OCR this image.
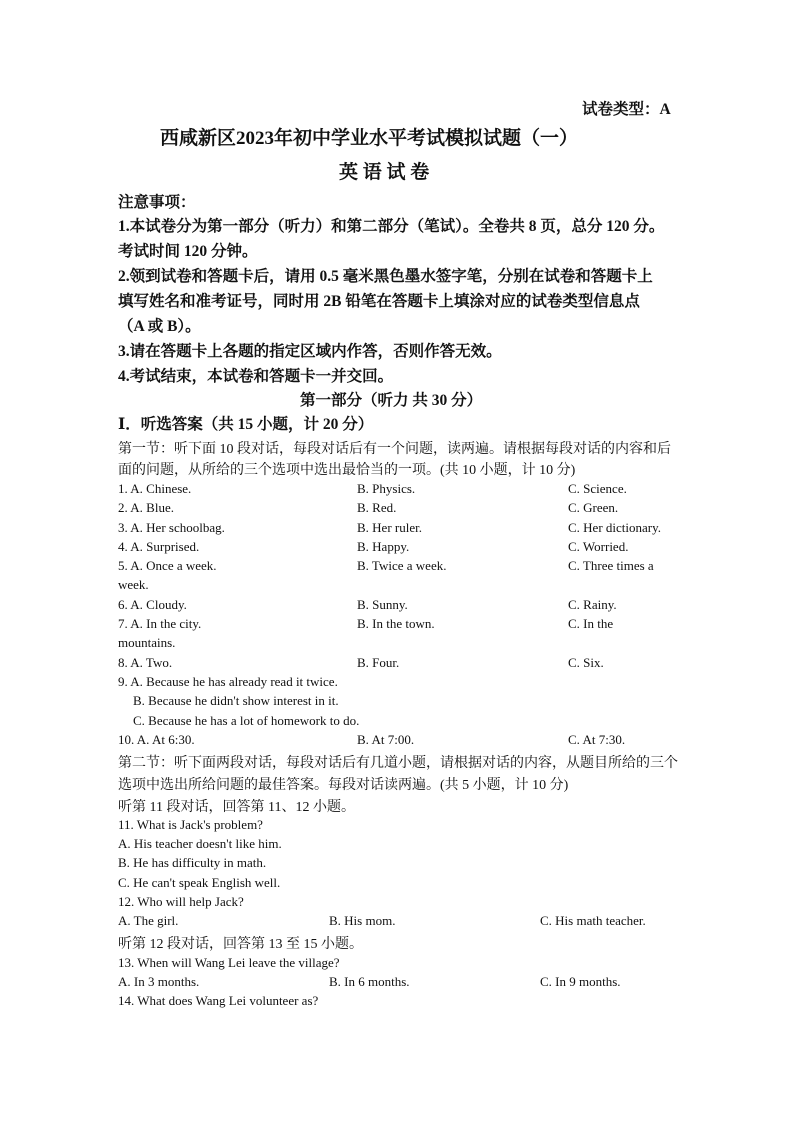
试卷类型：A
西咸新区2023年初中学业水平考试模拟试题（一）
英 语 试 卷
注意事项：
1.本试卷分为第一部分（听力）和第二部分（笔试）。全卷共 8 页，总分 120 分。
考试时间 120 分钟。
2.领到试卷和答题卡后，请用 0.5 毫米黑色墨水签字笔，分别在试卷和答题卡上
填写姓名和准考证号，同时用 2B 铅笔在答题卡上填涂对应的试卷类型信息点
（A 或 B）。
3.请在答题卡上各题的指定区域内作答，否则作答无效。
4.考试结束，本试卷和答题卡一并交回。
第一部分（听力 共 30 分）
Ⅰ．听选答案（共 15 小题，计 20 分）
第一节：听下面 10 段对话，每段对话后有一个问题，读两遍。请根据每段对话的内容和后
面的问题，从所给的三个选项中选出最恰当的一项。(共 10 小题，计 10 分)
1. A. Chinese.	B. Physics.	C. Science.
2. A. Blue.	B. Red.	C. Green.
3. A. Her schoolbag.	B. Her ruler.	C. Her dictionary.
4. A. Surprised.	B. Happy.	C. Worried.
5. A. Once a week.	B. Twice a week.	C. Three times a
week.
6. A. Cloudy.	B. Sunny.	C. Rainy.
7. A. In the city.	B. In the town.	C. In the
mountains.
8. A. Two.	B. Four.	C. Six.
9. A. Because he has already read it twice.
B. Because he didn't show interest in it.
C. Because he has a lot of homework to do.
10. A. At 6:30.	B. At 7:00.	C. At 7:30.
第二节：听下面两段对话，每段对话后有几道小题，请根据对话的内容，从题目所给的三个
选项中选出所给问题的最佳答案。每段对话读两遍。(共 5 小题，计 10 分)
听第 11 段对话，回答第 11、12 小题。
11. What is Jack's problem?
A. His teacher doesn't like him.
B. He has difficulty in math.
C. He can't speak English well.
12. Who will help Jack?
A. The girl.	B. His mom.	C. His math teacher.
听第 12 段对话，回答第 13 至 15 小题。
13. When will Wang Lei leave the village?
A. In 3 months.	B. In 6 months.	C. In 9 months.
14. What does Wang Lei volunteer as?
